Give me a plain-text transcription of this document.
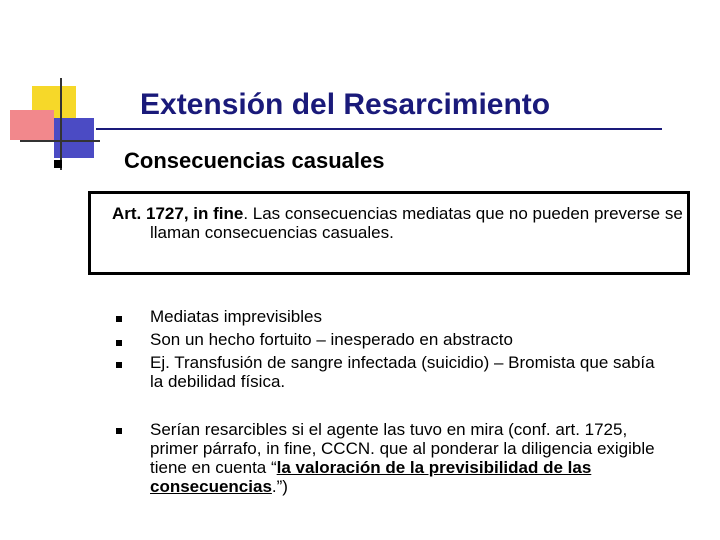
Extensión del Resarcimiento
Consecuencias casuales
Art. 1727, in fine. Las consecuencias mediatas que no pueden preverse se llaman consecuencias casuales.
Mediatas imprevisibles
Son un hecho fortuito – inesperado en abstracto
Ej. Transfusión de sangre infectada (suicidio) – Bromista que sabía la debilidad física.
Serían resarcibles si el agente las tuvo en mira (conf. art. 1725, primer párrafo, in fine, CCCN. que al ponderar la diligencia exigible tiene en cuenta “la valoración de la previsibilidad de las consecuencias.”)
